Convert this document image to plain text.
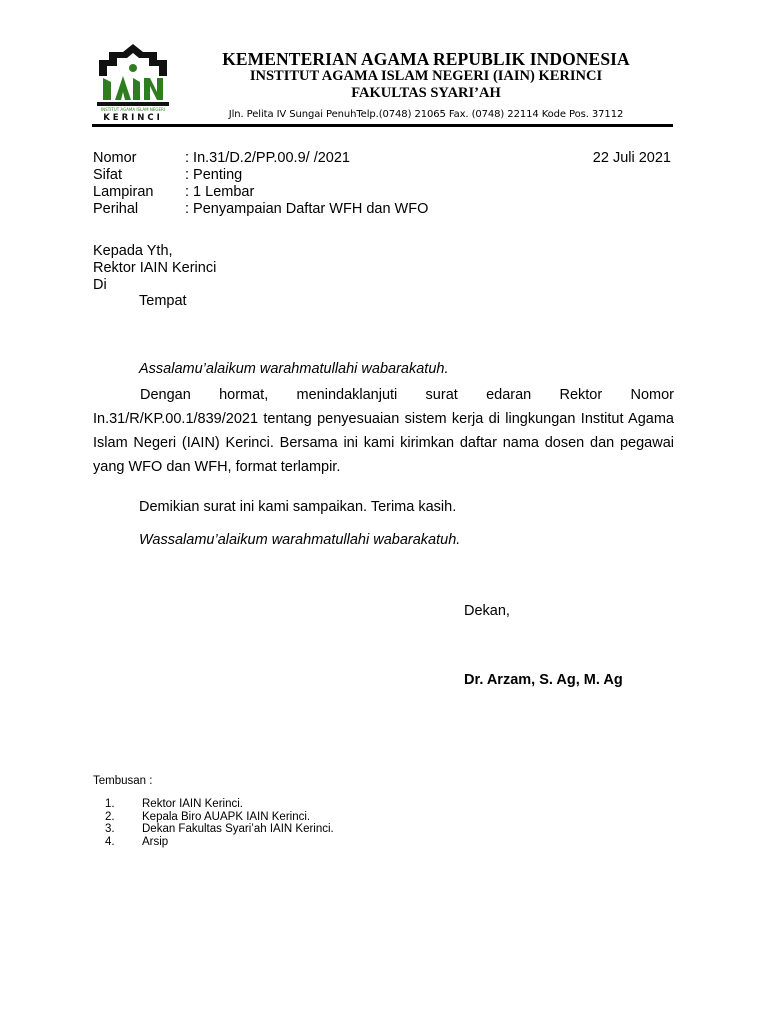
INSTITUT AGAMA ISLAM NEGERI
KERINCI
KEMENTERIAN AGAMA REPUBLIK INDONESIA
INSTITUT AGAMA ISLAM NEGERI (IAIN) KERINCI
FAKULTAS SYARI’AH
Jln. Pelita IV Sungai PenuhTelp.(0748) 21065 Fax. (0748) 22114 Kode Pos. 37112
Nomor	: In.31/D.2/PP.00.9/ /2021
Sifat	: Penting
Lampiran : 1 Lembar
Perihal	: Penyampaian Daftar WFH dan WFO
22 Juli 2021
Kepada Yth,
Rektor IAIN Kerinci
Di
Tempat
Assalamu’alaikum warahmatullahi wabarakatuh.
Dengan hormat, menindaklanjuti surat edaran Rektor Nomor In.31/R/KP.00.1/839/2021 tentang penyesuaian sistem kerja di lingkungan Institut Agama Islam Negeri (IAIN) Kerinci. Bersama ini kami kirimkan daftar nama dosen dan pegawai yang WFO dan WFH, format terlampir.
Demikian surat ini kami sampaikan. Terima kasih.
Wassalamu’alaikum warahmatullahi wabarakatuh.
Dekan,
Dr. Arzam, S. Ag, M. Ag
Tembusan :
1. Rektor IAIN Kerinci.
2. Kepala Biro AUAPK IAIN Kerinci.
3. Dekan Fakultas Syari’ah IAIN Kerinci.
4. Arsip
